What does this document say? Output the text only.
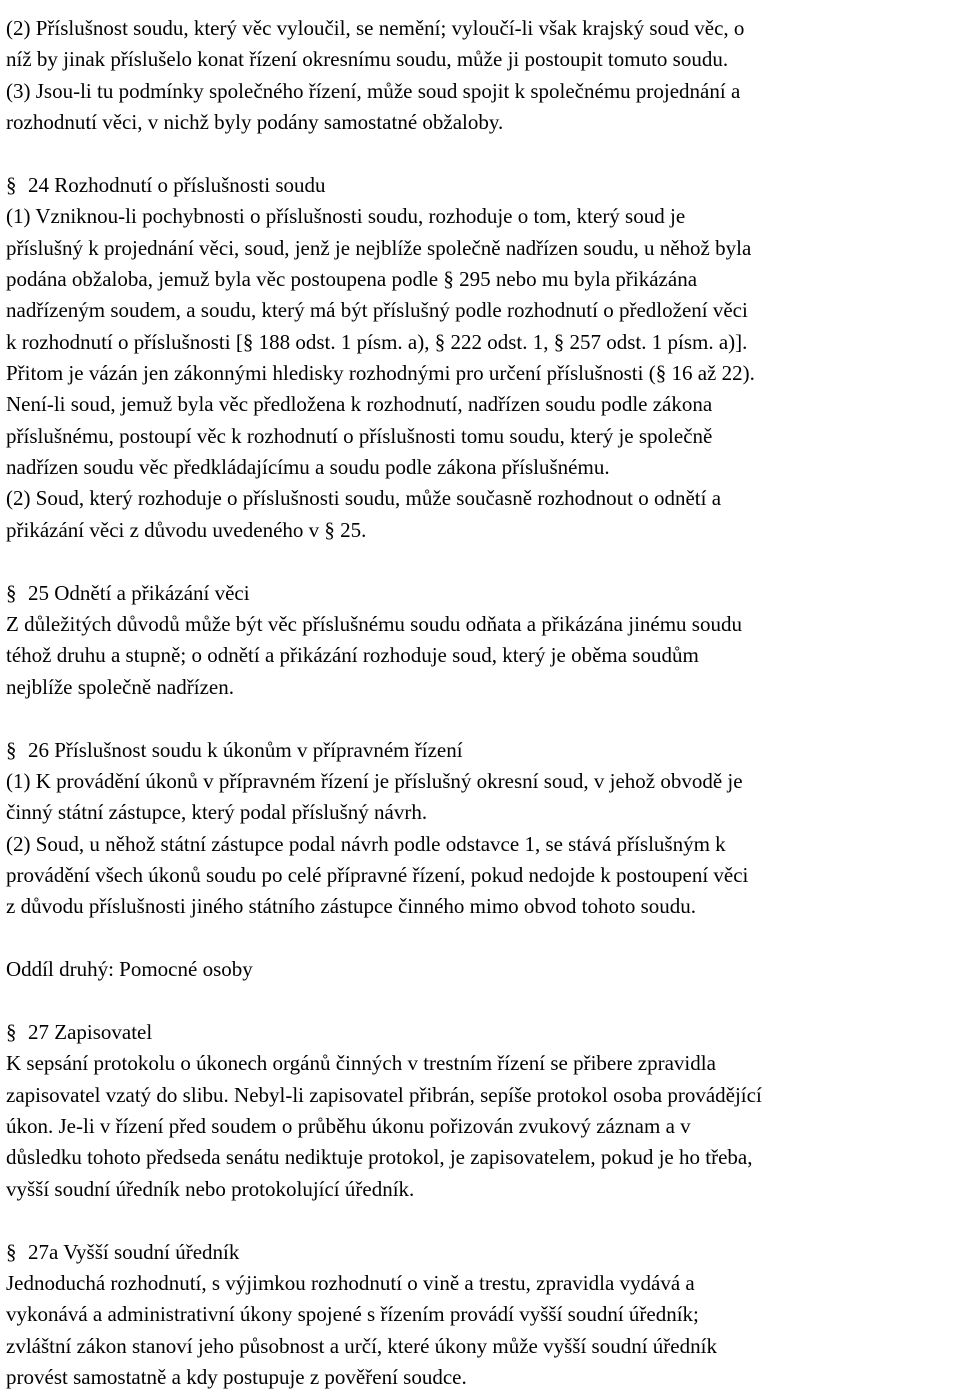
(2) Příslušnost soudu, který věc vyloučil, se nemění; vyloučí-li však krajský soud věc, o
níž by jinak příslušelo konat řízení okresnímu soudu, může ji postoupit tomuto soudu.
(3) Jsou-li tu podmínky společného řízení, může soud spojit k společnému projednání a
rozhodnutí věci, v nichž byly podány samostatné obžaloby.
§ 24 Rozhodnutí o příslušnosti soudu
(1) Vzniknou-li pochybnosti o příslušnosti soudu, rozhoduje o tom, který soud je
příslušný k projednání věci, soud, jenž je nejblíže společně nadřízen soudu, u něhož byla
podána obžaloba, jemuž byla věc postoupena podle § 295 nebo mu byla přikázána
nadřízeným soudem, a soudu, který má být příslušný podle rozhodnutí o předložení věci
k rozhodnutí o příslušnosti [§ 188 odst. 1 písm. a), § 222 odst. 1, § 257 odst. 1 písm. a)].
Přitom je vázán jen zákonnými hledisky rozhodnými pro určení příslušnosti (§ 16 až 22).
Není-li soud, jemuž byla věc předložena k rozhodnutí, nadřízen soudu podle zákona
příslušnému, postoupí věc k rozhodnutí o příslušnosti tomu soudu, který je společně
nadřízen soudu věc předkládajícímu a soudu podle zákona příslušnému.
(2) Soud, který rozhoduje o příslušnosti soudu, může současně rozhodnout o odnětí a
přikázání věci z důvodu uvedeného v § 25.
§ 25 Odnětí a přikázání věci
Z důležitých důvodů může být věc příslušnému soudu odňata a přikázána jinému soudu
téhož druhu a stupně; o odnětí a přikázání rozhoduje soud, který je oběma soudům
nejblíže společně nadřízen.
§ 26 Příslušnost soudu k úkonům v přípravném řízení
(1) K provádění úkonů v přípravném řízení je příslušný okresní soud, v jehož obvodě je
činný státní zástupce, který podal příslušný návrh.
(2) Soud, u něhož státní zástupce podal návrh podle odstavce 1, se stává příslušným k
provádění všech úkonů soudu po celé přípravné řízení, pokud nedojde k postoupení věci
z důvodu příslušnosti jiného státního zástupce činného mimo obvod tohoto soudu.
Oddíl druhý: Pomocné osoby
§ 27 Zapisovatel
K sepsání protokolu o úkonech orgánů činných v trestním řízení se přibere zpravidla
zapisovatel vzatý do slibu. Nebyl-li zapisovatel přibrán, sepíše protokol osoba provádějící
úkon. Je-li v řízení před soudem o průběhu úkonu pořizován zvukový záznam a v
důsledku tohoto předseda senátu nediktuje protokol, je zapisovatelem, pokud je ho třeba,
vyšší soudní úředník nebo protokolující úředník.
§ 27a Vyšší soudní úředník
Jednoduchá rozhodnutí, s výjimkou rozhodnutí o vině a trestu, zpravidla vydává a
vykonává a administrativní úkony spojené s řízením provádí vyšší soudní úředník;
zvláštní zákon stanoví jeho působnost a určí, které úkony může vyšší soudní úředník
provést samostatně a kdy postupuje z pověření soudce.
